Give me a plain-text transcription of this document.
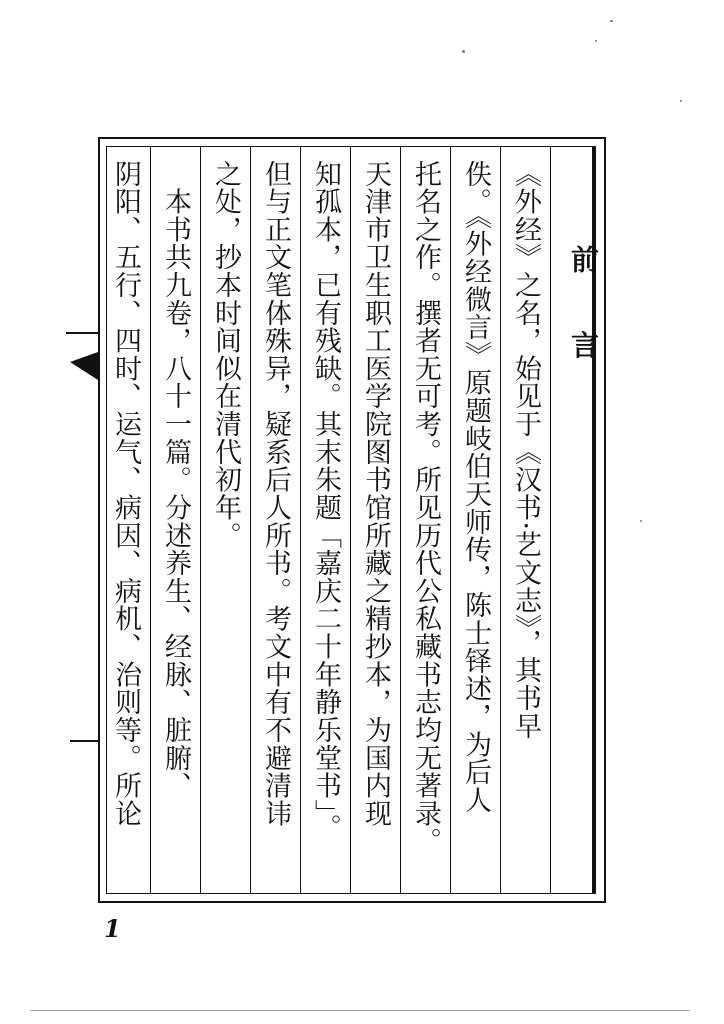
前 言
《外经》之名，始见于《汉书·艺文志》，其书早
佚。《外经微言》原题岐伯天师传，陈士铎述，为后人
托名之作。撰者无可考。所见历代公私藏书志均无著录。
天津市卫生职工医学院图书馆所藏之精抄本，为国内现
知孤本，已有残缺。其末朱题「嘉庆二十年静乐堂书」。
但与正文笔体殊异，疑系后人所书。考文中有不避清讳
之处，抄本时间似在清代初年。
　本书共九卷，八十一篇。分述养生、经脉、脏腑、
阴阳、五行、四时、运气、病因、病机、治则等。所论
1
